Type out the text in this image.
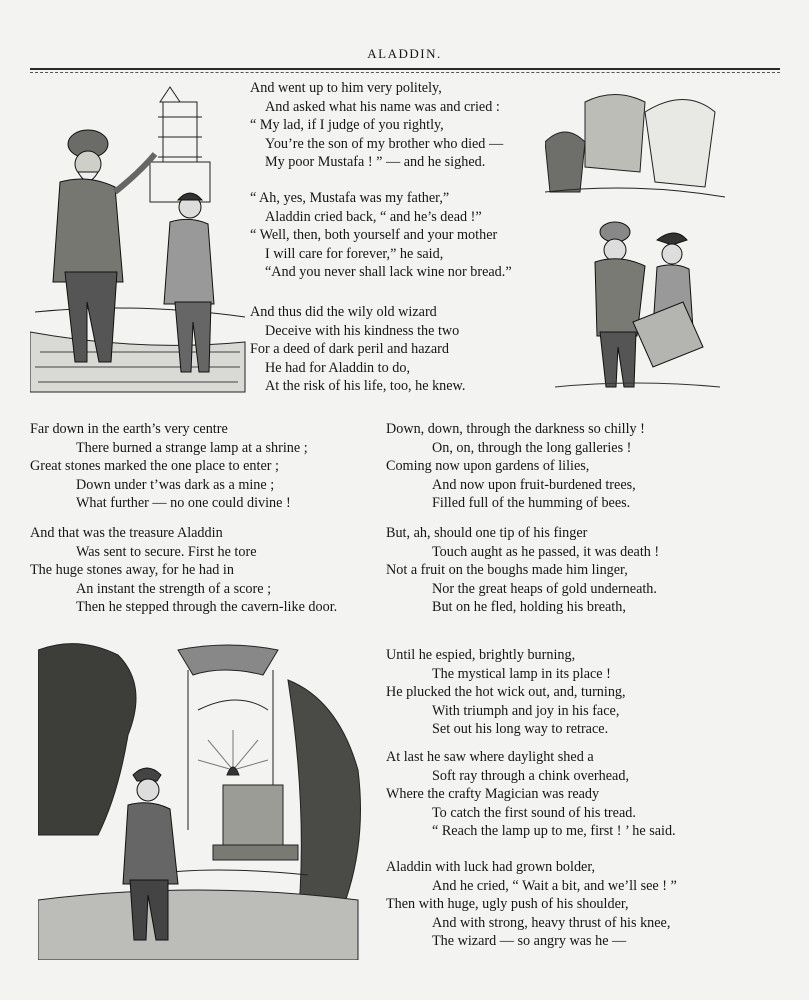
ALADDIN.
And went up to him very politely,
And asked what his name was and cried :
“ My lad, if I judge of you rightly,
You’re the son of my brother who died —
My poor Mustafa ! ” — and he sighed.
“ Ah, yes, Mustafa was my father,”
Aladdin cried back, “ and he’s dead !”
“ Well, then, both yourself and your mother
I will care for forever,” he said,
“And you never shall lack wine nor bread.”
And thus did the wily old wizard
Deceive with his kindness the two
For a deed of dark peril and hazard
He had for Aladdin to do,
At the risk of his life, too, he knew.
Far down in the earth’s very centre
There burned a strange lamp at a shrine ;
Great stones marked the one place to enter ;
Down under t’was dark as a mine ;
What further — no one could divine !
And that was the treasure Aladdin
Was sent to secure. First he tore
The huge stones away, for he had in
An instant the strength of a score ;
Then he stepped through the cavern-like door.
Down, down, through the darkness so chilly !
On, on, through the long galleries !
Coming now upon gardens of lilies,
And now upon fruit-burdened trees,
Filled full of the humming of bees.
But, ah, should one tip of his finger
Touch aught as he passed, it was death !
Not a fruit on the boughs made him linger,
Nor the great heaps of gold underneath.
But on he fled, holding his breath,
Until he espied, brightly burning,
The mystical lamp in its place !
He plucked the hot wick out, and, turning,
With triumph and joy in his face,
Set out his long way to retrace.
At last he saw where daylight shed a
Soft ray through a chink overhead,
Where the crafty Magician was ready
To catch the first sound of his tread.
“ Reach the lamp up to me, first ! ’ he said.
Aladdin with luck had grown bolder,
And he cried, “ Wait a bit, and we’ll see ! ”
Then with huge, ugly push of his shoulder,
And with strong, heavy thrust of his knee,
The wizard — so angry was he —
